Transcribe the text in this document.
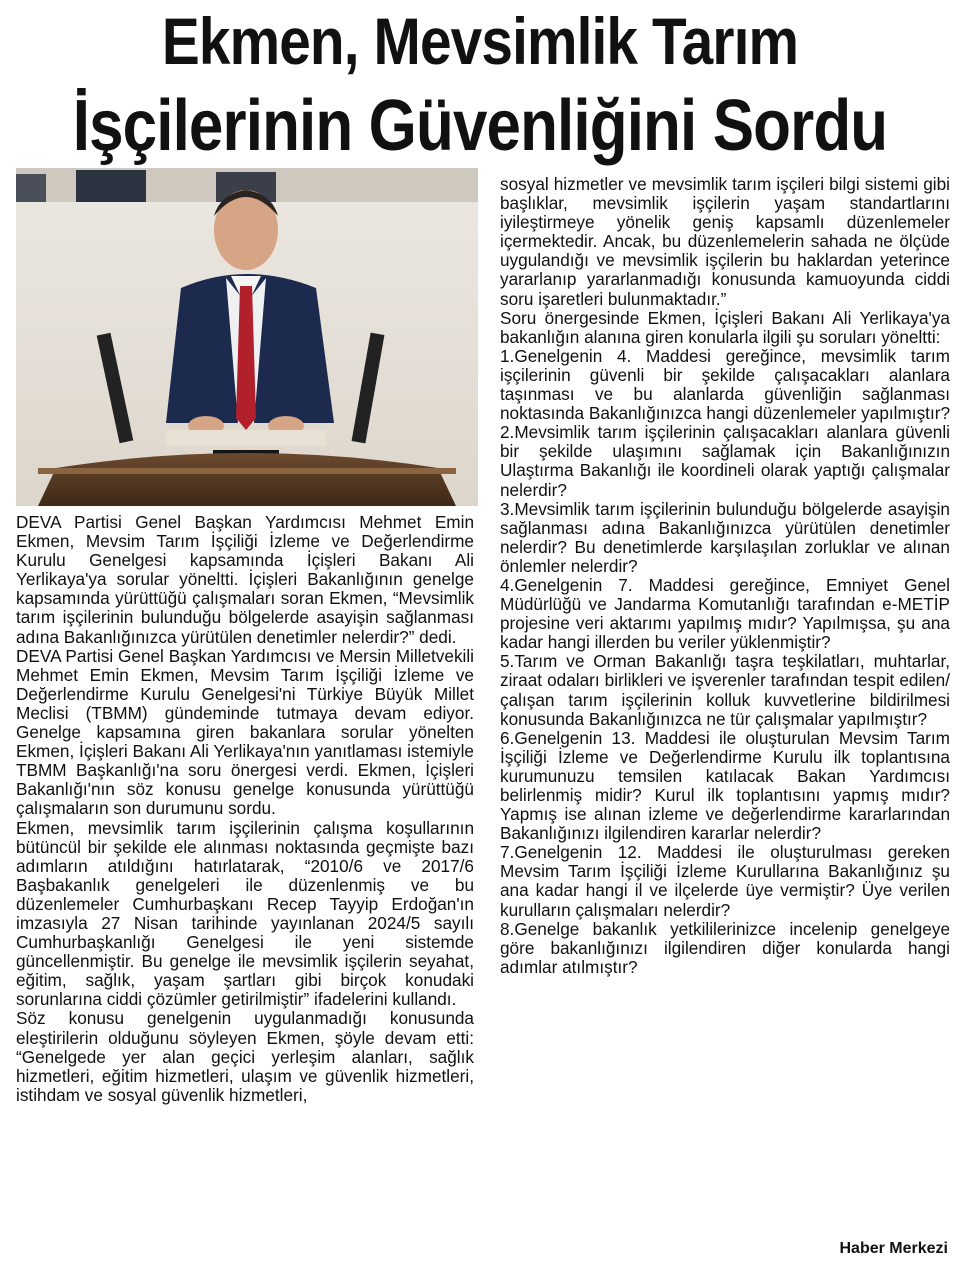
Ekmen, Mevsimlik Tarım
İşçilerinin Güvenliğini Sordu

DEVA Partisi Genel Başkan Yardımcısı Mehmet Emin Ekmen, Mevsim Tarım İşçiliği İzleme ve Değerlendirme Kurulu Genelgesi kapsamında İçişleri Bakanı Ali Yerlikaya'ya sorular yöneltti. İçişleri Bakanlığının genelge kapsamında yürüttüğü çalışmaları soran Ekmen, “Mevsimlik tarım işçilerinin bulunduğu bölgelerde asayişin sağlanması adına Bakanlığınızca yürütülen denetimler nelerdir?” dedi.

DEVA Partisi Genel Başkan Yardımcısı ve Mersin Milletvekili Mehmet Emin Ekmen, Mevsim Tarım İşçiliği İzleme ve Değerlendirme Kurulu Genelgesi'ni Türkiye Büyük Millet Meclisi (TBMM) gündeminde tutmaya devam ediyor. Genelge kapsamına giren bakanlara sorular yönelten Ekmen, İçişleri Bakanı Ali Yerlikaya'nın yanıtlaması istemiyle TBMM Başkanlığı'na soru önergesi verdi. Ekmen, İçişleri Bakanlığı'nın söz konusu genelge konusunda yürüttüğü çalışmaların son durumunu sordu.

Ekmen, mevsimlik tarım işçilerinin çalışma koşullarının bütüncül bir şekilde ele alınması noktasında geçmişte bazı adımların atıldığını hatırlatarak, “2010/6 ve 2017/6 Başbakanlık genelgeleri ile düzenlenmiş ve bu düzenlemeler Cumhurbaşkanı Recep Tayyip Erdoğan'ın imzasıyla 27 Nisan tarihinde yayınlanan 2024/5 sayılı Cumhurbaşkanlığı Genelgesi ile yeni sistemde güncellenmiştir. Bu genelge ile mevsimlik işçilerin seyahat, eğitim, sağlık, yaşam şartları gibi birçok konudaki sorunlarına ciddi çözümler getirilmiştir” ifadelerini kullandı.

Söz konusu genelgenin uygulanmadığı konusunda eleştirilerin olduğunu söyleyen Ekmen, şöyle devam etti: “Genelgede yer alan geçici yerleşim alanları, sağlık hizmetleri, eğitim hizmetleri, ulaşım ve güvenlik hizmetleri, istihdam ve sosyal güvenlik hizmetleri,

sosyal hizmetler ve mevsimlik tarım işçileri bilgi sistemi gibi başlıklar, mevsimlik işçilerin yaşam standartlarını iyileştirmeye yönelik geniş kapsamlı düzenlemeler içermektedir. Ancak, bu düzenlemelerin sahada ne ölçüde uygulandığı ve mevsimlik işçilerin bu haklardan yeterince yararlanıp yararlanmadığı konusunda kamuoyunda ciddi soru işaretleri bulunmaktadır.”

Soru önergesinde Ekmen, İçişleri Bakanı Ali Yerlikaya'ya bakanlığın alanına giren konularla ilgili şu soruları yöneltti:

1.Genelgenin 4. Maddesi gereğince, mevsimlik tarım işçilerinin güvenli bir şekilde çalışacakları alanlara taşınması ve bu alanlarda güvenliğin sağlanması noktasında Bakanlığınızca hangi düzenlemeler yapılmıştır?

2.Mevsimlik tarım işçilerinin çalışacakları alanlara güvenli bir şekilde ulaşımını sağlamak için Bakanlığınızın Ulaştırma Bakanlığı ile koordineli olarak yaptığı çalışmalar nelerdir?

3.Mevsimlik tarım işçilerinin bulunduğu bölgelerde asayişin sağlanması adına Bakanlığınızca yürütülen denetimler nelerdir? Bu denetimlerde karşılaşılan zorluklar ve alınan önlemler nelerdir?

4.Genelgenin 7. Maddesi gereğince, Emniyet Genel Müdürlüğü ve Jandarma Komutanlığı tarafından e-METİP projesine veri aktarımı yapılmış mıdır? Yapılmışsa, şu ana kadar hangi illerden bu veriler yüklenmiştir?

5.Tarım ve Orman Bakanlığı taşra teşkilatları, muhtarlar, ziraat odaları birlikleri ve işverenler tarafından tespit edilen/çalışan tarım işçilerinin kolluk kuvvetlerine bildirilmesi konusunda Bakanlığınızca ne tür çalışmalar yapılmıştır?

6.Genelgenin 13. Maddesi ile oluşturulan Mevsim Tarım İşçiliği İzleme ve Değerlendirme Kurulu ilk toplantısına kurumunuzu temsilen katılacak Bakan Yardımcısı belirlenmiş midir? Kurul ilk toplantısını yapmış mıdır? Yapmış ise alınan izleme ve değerlendirme kararlarından Bakanlığınızı ilgilendiren kararlar nelerdir?

7.Genelgenin 12. Maddesi ile oluşturulması gereken Mevsim Tarım İşçiliği İzleme Kurullarına Bakanlığınız şu ana kadar hangi il ve ilçelerde üye vermiştir? Üye verilen kurulların çalışmaları nelerdir?

8.Genelge bakanlık yetkililerinizce incelenip genelgeye göre bakanlığınızı ilgilendiren diğer konularda hangi adımlar atılmıştır?

Haber Merkezi
